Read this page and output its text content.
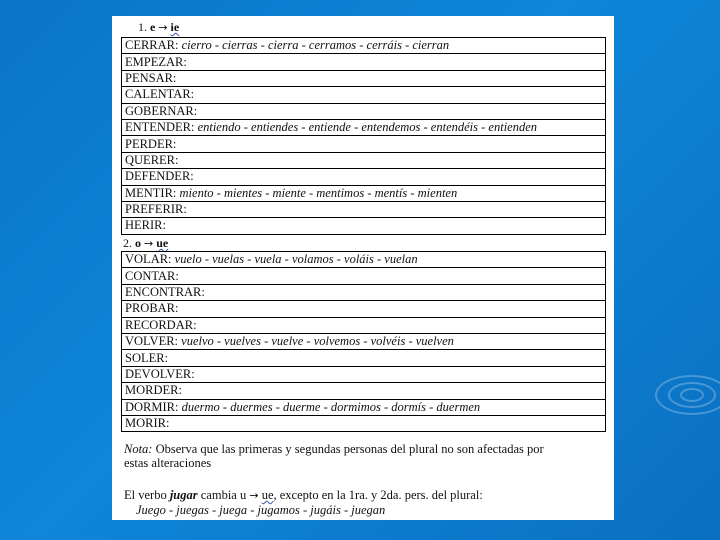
1. e → ie
CERRAR: cierro - cierras - cierra - cerramos - cerráis - cierran
EMPEZAR:
PENSAR:
CALENTAR:
GOBERNAR:
ENTENDER: entiendo - entiendes - entiende - entendemos - entendéis - entienden
PERDER:
QUERER:
DEFENDER:
MENTIR: miento - mientes - miente - mentimos - mentís - mienten
PREFERIR:
HERIR:
2. o → ue
VOLAR: vuelo - vuelas - vuela - volamos - voláis - vuelan
CONTAR:
ENCONTRAR:
PROBAR:
RECORDAR:
VOLVER: vuelvo - vuelves - vuelve - volvemos - volvéis - vuelven
SOLER:
DEVOLVER:
MORDER:
DORMIR: duermo - duermes - duerme - dormimos - dormís - duermen
MORIR:
Nota: Observa que las primeras y segundas personas del plural no son afectadas por
estas alteraciones
El verbo jugar cambia u → ue, excepto en la 1ra. y 2da. pers. del plural:
Juego - juegas - juega - jugamos - jugáis - juegan
